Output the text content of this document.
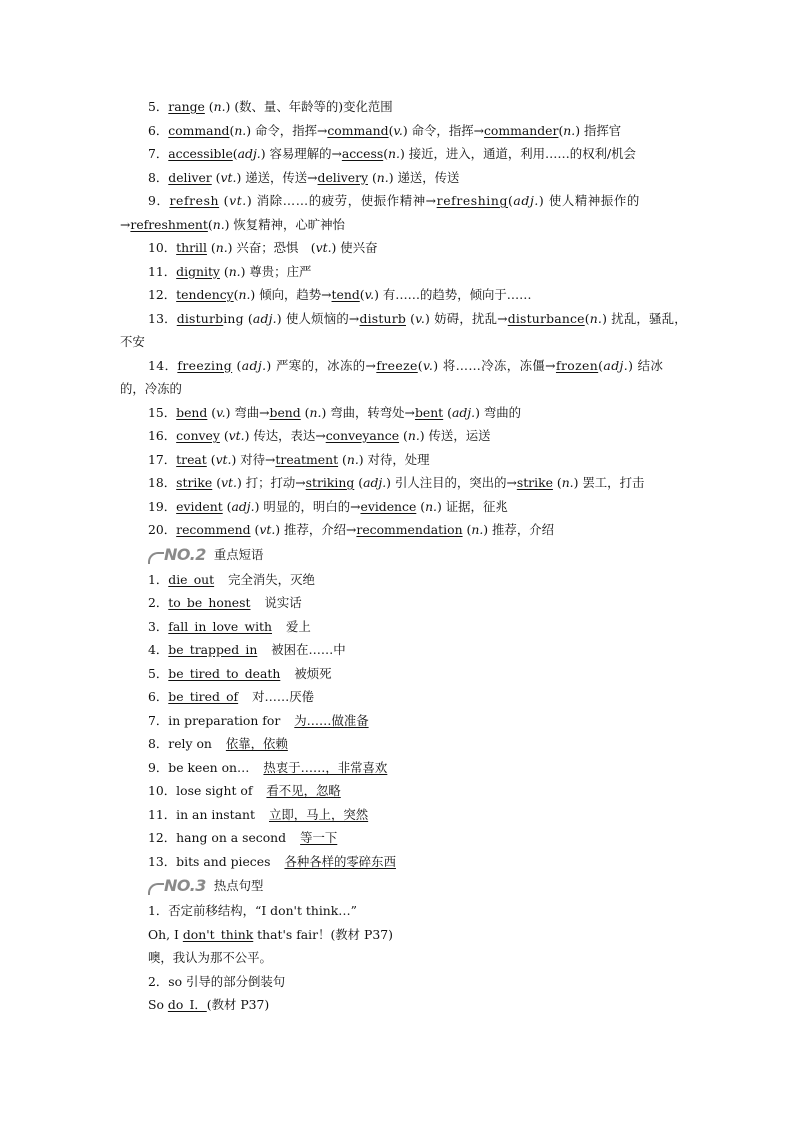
5．range (n.) (数、量、年龄等的)变化范围
6．command(n.) 命令，指挥→command(v.) 命令，指挥→commander(n.) 指挥官
7．accessible(adj.) 容易理解的→access(n.) 接近，进入，通道，利用……的权利/机会
8．deliver (vt.) 递送，传送→delivery (n.) 递送，传送
9．refresh (vt.) 消除……的疲劳，使振作精神→refreshing(adj.) 使人精神振作的
→refreshment(n.) 恢复精神，心旷神怡
10．thrill (n.) 兴奋；恐惧　(vt.) 使兴奋
11．dignity (n.) 尊贵；庄严
12．tendency(n.) 倾向，趋势→tend(v.) 有……的趋势，倾向于……
13．disturbing (adj.) 使人烦恼的→disturb (v.) 妨碍，扰乱→disturbance(n.) 扰乱，骚乱，
不安
14．freezing (adj.) 严寒的，冰冻的→freeze(v.) 将……冷冻，冻僵→frozen(adj.) 结冰
的，冷冻的
15．bend (v.) 弯曲→bend (n.) 弯曲，转弯处→bent (adj.) 弯曲的
16．convey (vt.) 传达，表达→conveyance (n.) 传送，运送
17．treat (vt.) 对待→treatment (n.) 对待，处理
18．strike (vt.) 打；打动→striking (adj.) 引人注目的，突出的→strike (n.) 罢工，打击
19．evident (adj.) 明显的，明白的→evidence (n.) 证据，征兆
20．recommend (vt.) 推荐，介绍→recommendation (n.) 推荐，介绍
NO.2 重点短语
1．die_out 完全消失，灭绝
2．to_be_honest 说实话
3．fall_in_love_with 爱上
4．be_trapped_in 被困在……中
5．be_tired_to_death 被烦死
6．be_tired_of 对……厌倦
7．in preparation for 为……做准备
8．rely on 依靠，依赖
9．be keen on… 热衷于……，非常喜欢
10．lose sight of 看不见，忽略
11．in an instant 立即，马上，突然
12．hang on a second 等一下
13．bits and pieces 各种各样的零碎东西
NO.3 热点句型
1．否定前移结构，“I don't think…”
Oh, I don't_think that's fair！(教材 P37)
噢，我认为那不公平。
2．so 引导的部分倒装句
So do_I．(教材 P37)
